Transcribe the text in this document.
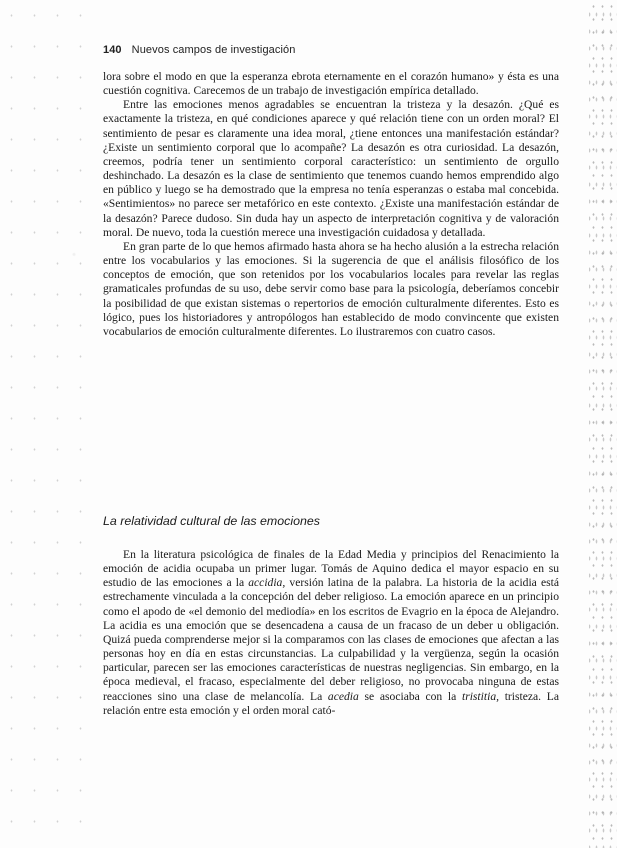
140 Nuevos campos de investigación

lora sobre el modo en que la esperanza ebrota eternamente en el corazón humano» y ésta es una cuestión cognitiva. Carecemos de un trabajo de investigación empírica detallado.

Entre las emociones menos agradables se encuentran la tristeza y la desazón. ¿Qué es exactamente la tristeza, en qué condiciones aparece y qué relación tiene con un orden moral? El sentimiento de pesar es claramente una idea moral, ¿tiene entonces una manifestación estándar? ¿Existe un sentimiento corporal que lo acompañe? La desazón es otra curiosidad. La desazón, creemos, podría tener un sentimiento corporal característico: un sentimiento de orgullo deshinchado. La desazón es la clase de sentimiento que tenemos cuando hemos emprendido algo en público y luego se ha demostrado que la empresa no tenía esperanzas o estaba mal concebida. «Sentimientos» no parece ser metafórico en este contexto. ¿Existe una manifestación estándar de la desazón? Parece dudoso. Sin duda hay un aspecto de interpretación cognitiva y de valoración moral. De nuevo, toda la cuestión merece una investigación cuidadosa y detallada.

En gran parte de lo que hemos afirmado hasta ahora se ha hecho alusión a la estrecha relación entre los vocabularios y las emociones. Si la sugerencia de que el análisis filosófico de los conceptos de emoción, que son retenidos por los vocabularios locales para revelar las reglas gramaticales profundas de su uso, debe servir como base para la psicología, deberíamos concebir la posibilidad de que existan sistemas o repertorios de emoción culturalmente diferentes. Esto es lógico, pues los historiadores y antropólogos han establecido de modo convincente que existen vocabularios de emoción culturalmente diferentes. Lo ilustraremos con cuatro casos.

La relatividad cultural de las emociones

En la literatura psicológica de finales de la Edad Media y principios del Renacimiento la emoción de acidia ocupaba un primer lugar. Tomás de Aquino dedica el mayor espacio en su estudio de las emociones a la accidia, versión latina de la palabra. La historia de la acidia está estrechamente vinculada a la concepción del deber religioso. La emoción aparece en un principio como el apodo de «el demonio del mediodía» en los escritos de Evagrio en la época de Alejandro. La acidia es una emoción que se desencadena a causa de un fracaso de un deber u obligación. Quizá pueda comprenderse mejor si la comparamos con las clases de emociones que afectan a las personas hoy en día en estas circunstancias. La culpabilidad y la vergüenza, según la ocasión particular, parecen ser las emociones características de nuestras negligencias. Sin embargo, en la época medieval, el fracaso, especialmente del deber religioso, no provocaba ninguna de estas reacciones sino una clase de melancolía. La acedia se asociaba con la tristitia, tristeza. La relación entre esta emoción y el orden moral cató-
